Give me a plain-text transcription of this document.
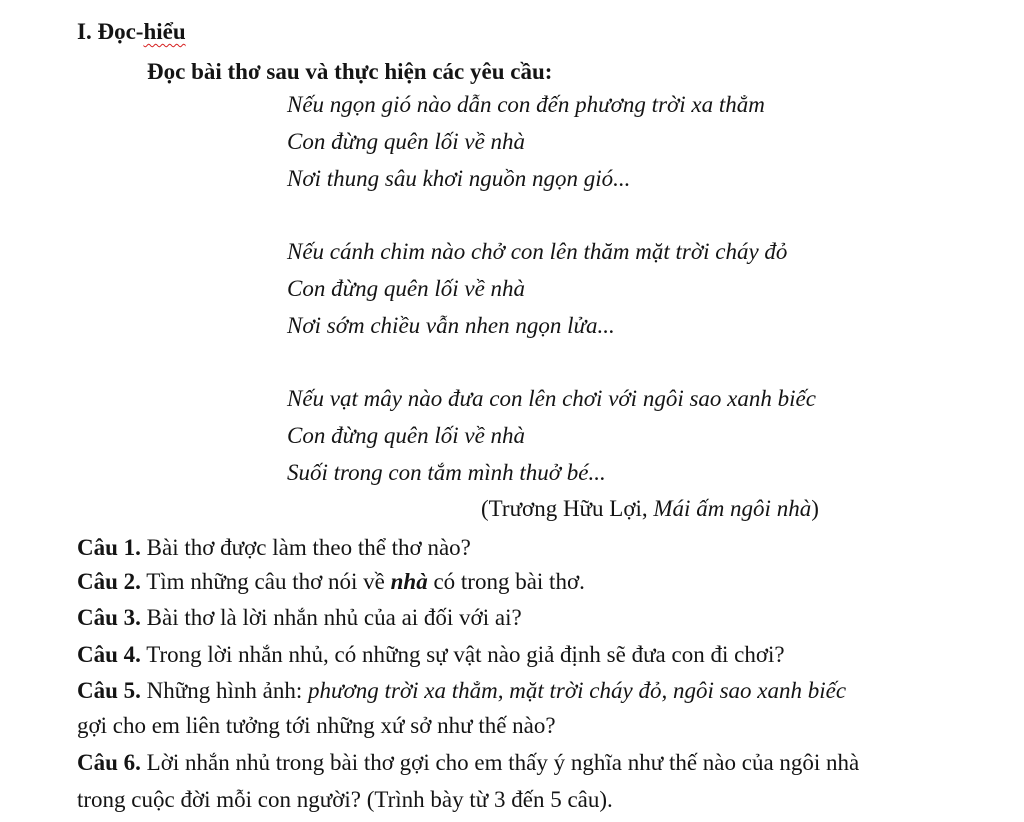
I. Đọc-hiểu
Đọc bài thơ sau và thực hiện các yêu cầu:
Nếu ngọn gió nào dẫn con đến phương trời xa thẳm
Con đừng quên lối về nhà
Nơi thung sâu khơi nguồn ngọn gió...
Nếu cánh chim nào chở con lên thăm mặt trời cháy đỏ
Con đừng quên lối về nhà
Nơi sớm chiều vẫn nhen ngọn lửa...
Nếu vạt mây nào đưa con lên chơi với ngôi sao xanh biếc
Con đừng quên lối về nhà
Suối trong con tắm mình thuở bé...
(Trương Hữu Lợi, Mái ấm ngôi nhà)
Câu 1. Bài thơ được làm theo thể thơ nào?
Câu 2. Tìm những câu thơ nói về nhà có trong bài thơ.
Câu 3. Bài thơ là lời nhắn nhủ của ai đối với ai?
Câu 4. Trong lời nhắn nhủ, có những sự vật nào giả định sẽ đưa con đi chơi?
Câu 5. Những hình ảnh: phương trời xa thẳm, mặt trời cháy đỏ, ngôi sao xanh biếc
gợi cho em liên tưởng tới những xứ sở như thế nào?
Câu 6. Lời nhắn nhủ trong bài thơ gợi cho em thấy ý nghĩa như thế nào của ngôi nhà
trong cuộc đời mỗi con người? (Trình bày từ 3 đến 5 câu).
